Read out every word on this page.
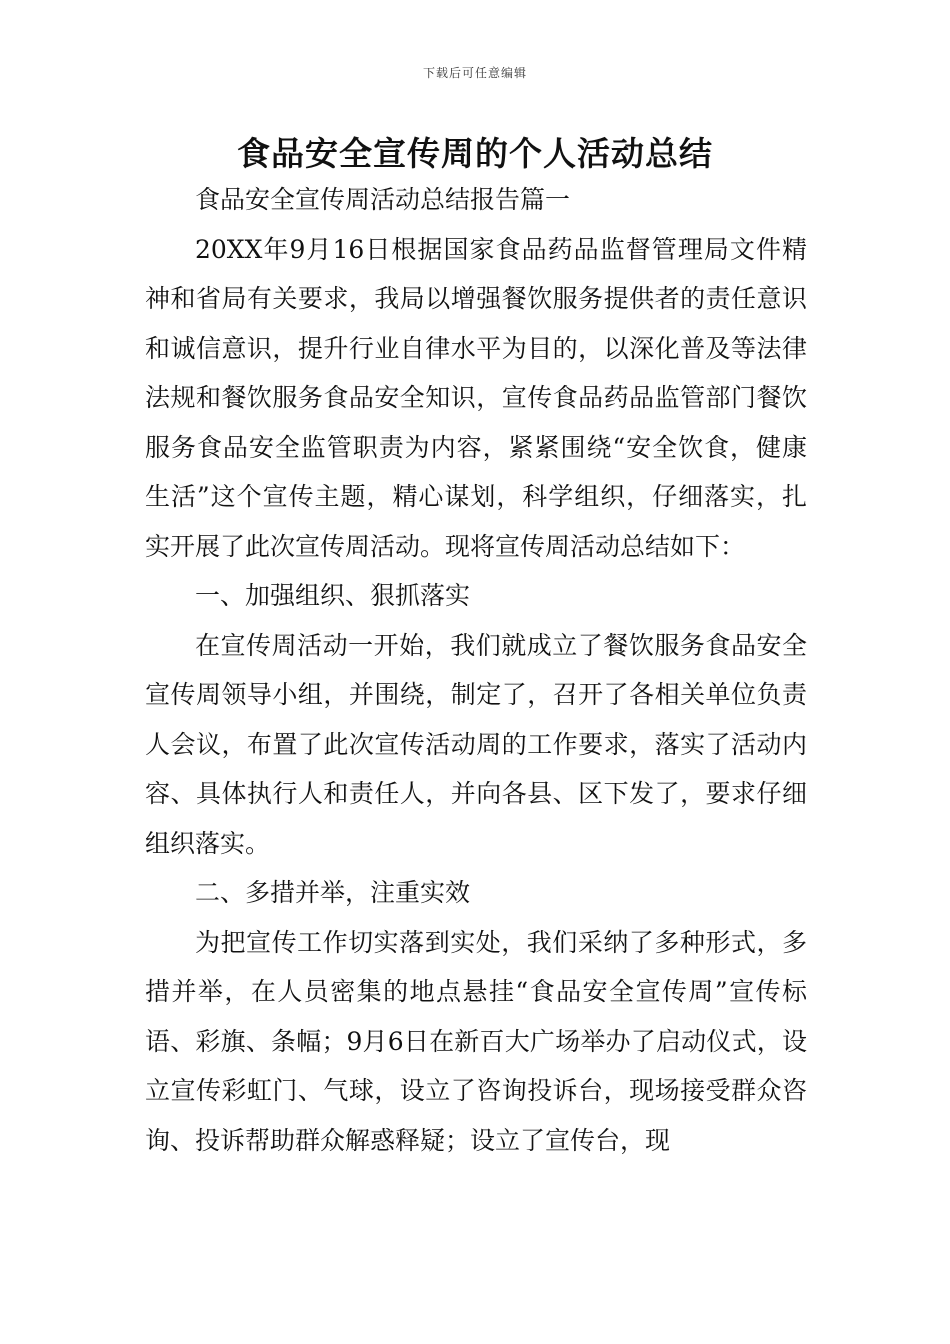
下载后可任意编辑
食品安全宣传周的个人活动总结

食品安全宣传周活动总结报告篇一

20XX年9月16日根据国家食品药品监督管理局文件精神和省局有关要求，我局以增强餐饮服务提供者的责任意识和诚信意识，提升行业自律水平为目的，以深化普及等法律法规和餐饮服务食品安全知识，宣传食品药品监管部门餐饮服务食品安全监管职责为内容，紧紧围绕“安全饮食，健康生活”这个宣传主题，精心谋划，科学组织，仔细落实，扎实开展了此次宣传周活动。现将宣传周活动总结如下：

一、加强组织、狠抓落实

在宣传周活动一开始，我们就成立了餐饮服务食品安全宣传周领导小组，并围绕，制定了，召开了各相关单位负责人会议，布置了此次宣传活动周的工作要求，落实了活动内容、具体执行人和责任人，并向各县、区下发了，要求仔细组织落实。

二、多措并举，注重实效

为把宣传工作切实落到实处，我们采纳了多种形式，多措并举，在人员密集的地点悬挂“食品安全宣传周”宣传标语、彩旗、条幅；9月6日在新百大广场举办了启动仪式，设立宣传彩虹门、气球，设立了咨询投诉台，现场接受群众咨询、投诉帮助群众解惑释疑；设立了宣传台，现
